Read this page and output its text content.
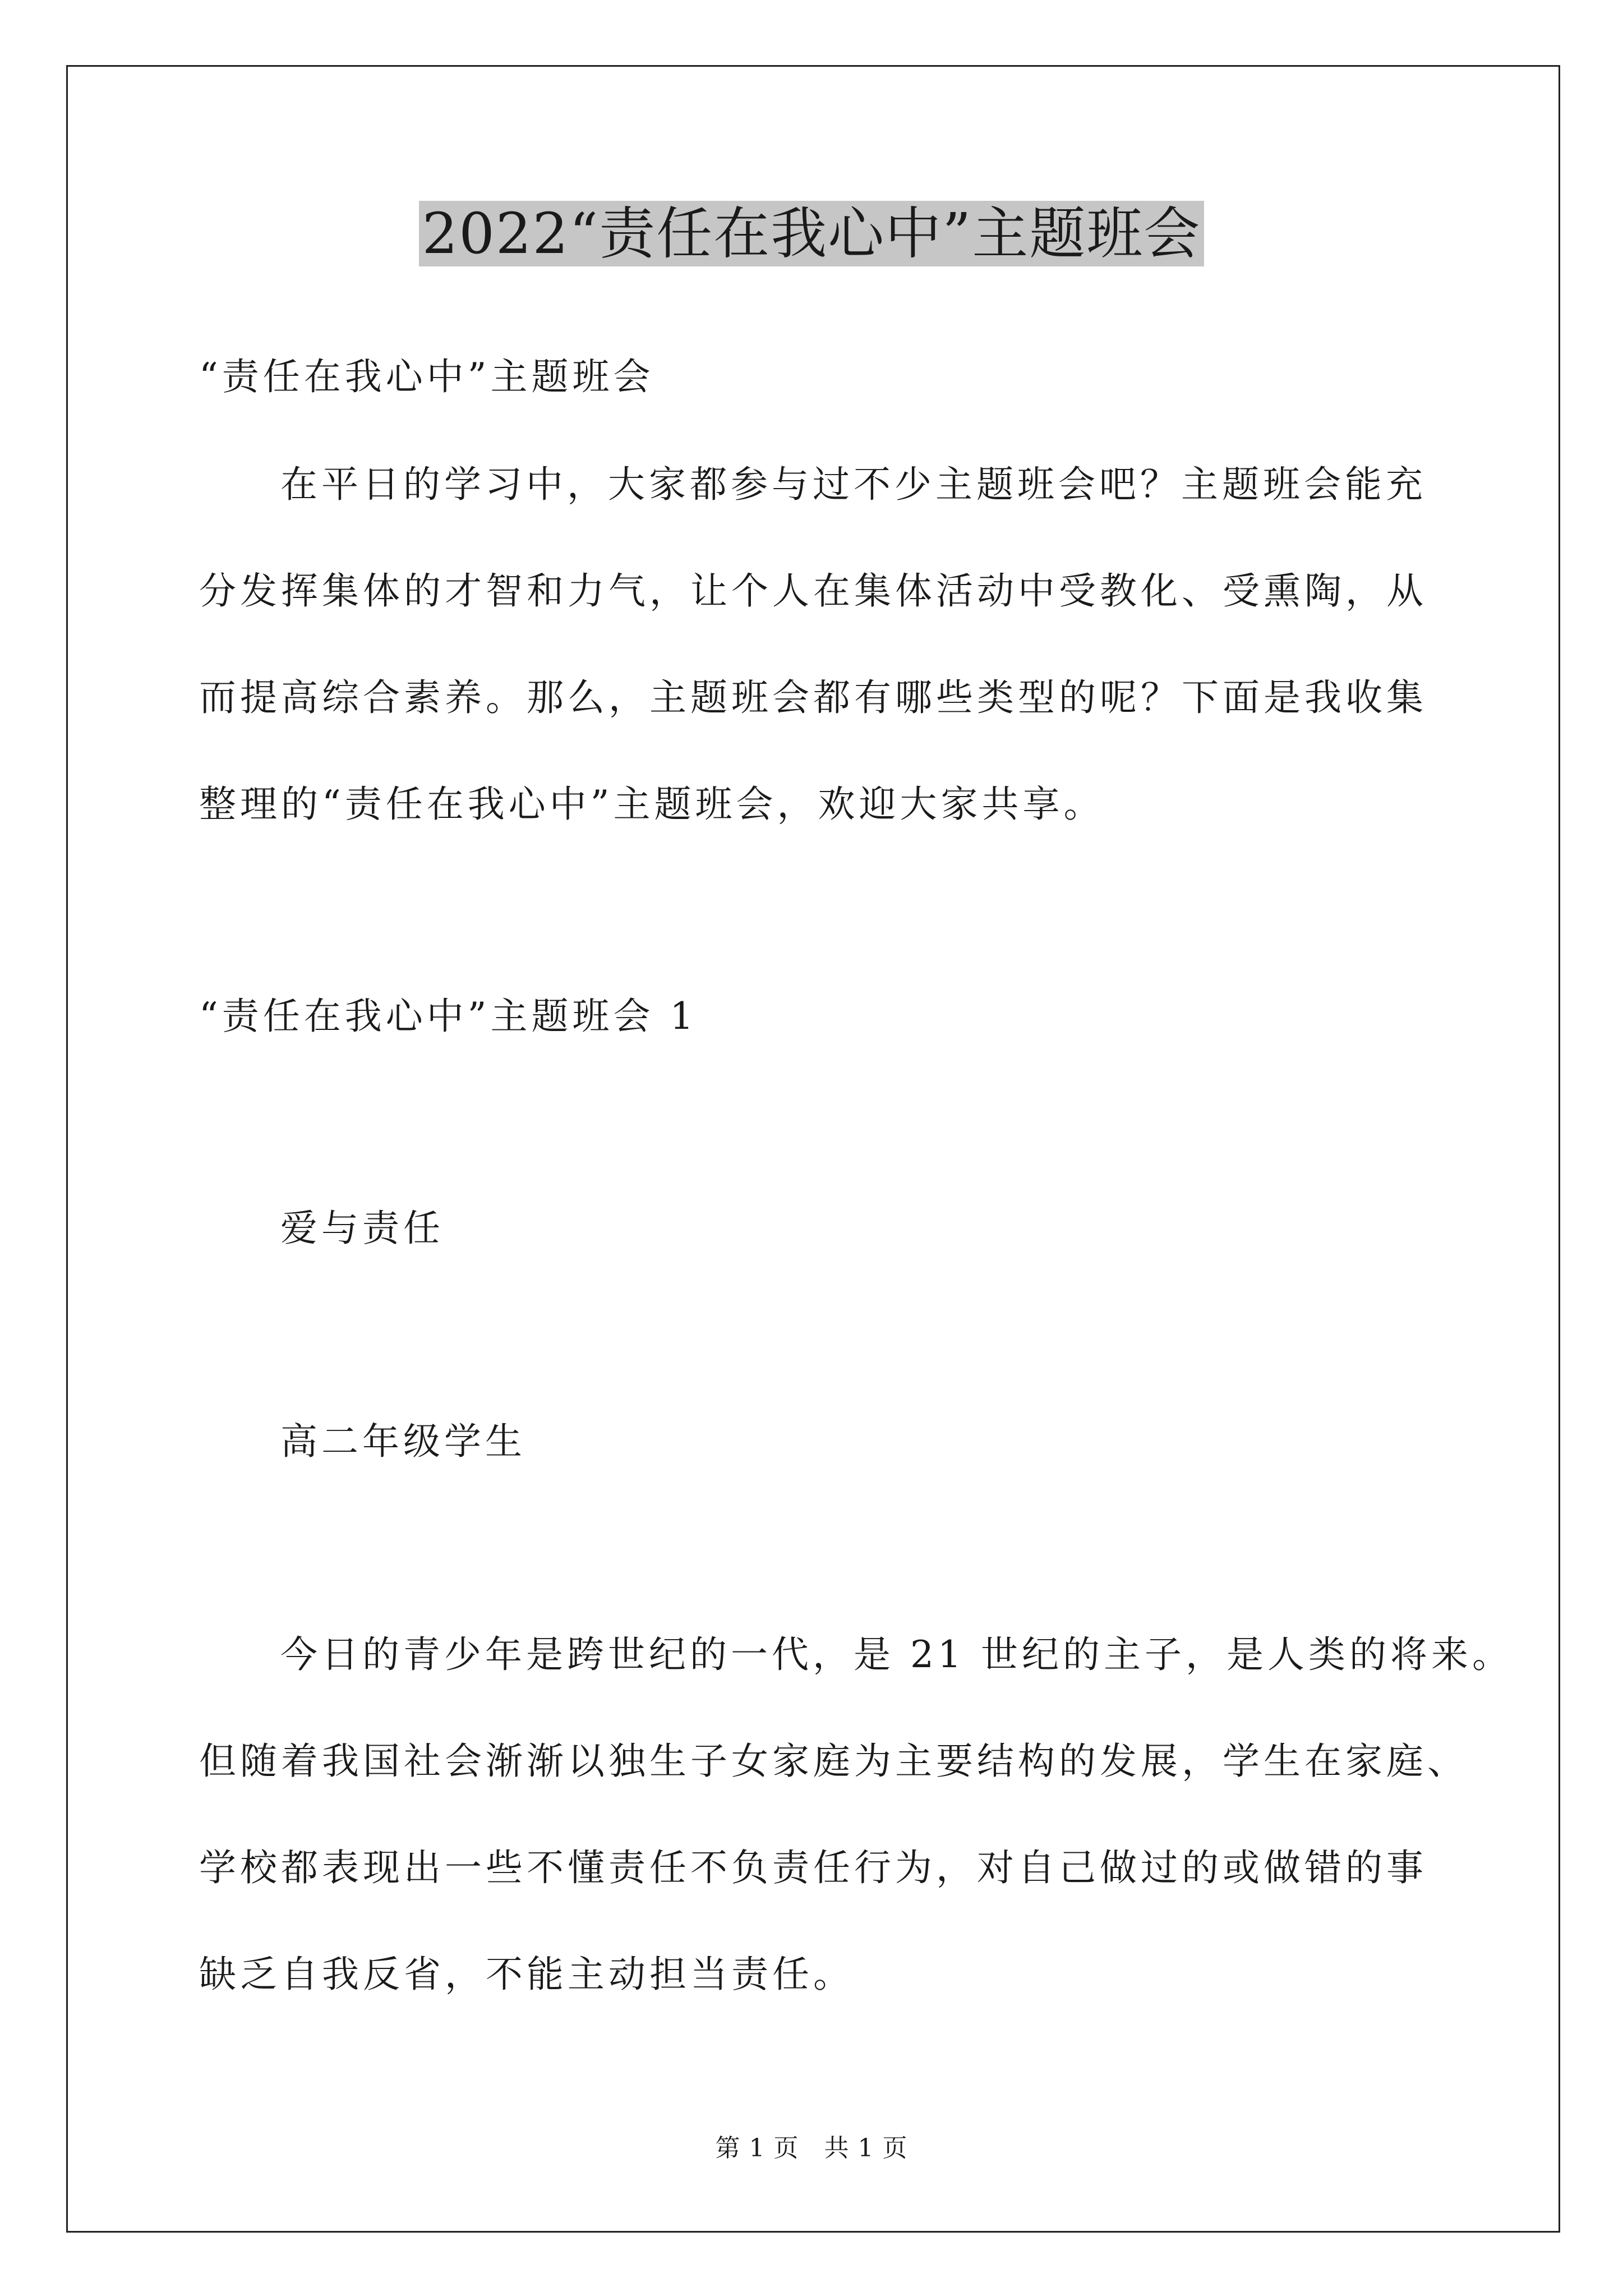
2022“责任在我心中”主题班会
“责任在我心中”主题班会
在平日的学习中，大家都参与过不少主题班会吧？主题班会能充
分发挥集体的才智和力气，让个人在集体活动中受教化、受熏陶，从
而提高综合素养。那么，主题班会都有哪些类型的呢？下面是我收集
整理的“责任在我心中”主题班会，欢迎大家共享。
“责任在我心中”主题班会 1
爱与责任
高二年级学生
今日的青少年是跨世纪的一代，是 21 世纪的主子，是人类的将来。
但随着我国社会渐渐以独生子女家庭为主要结构的发展，学生在家庭、
学校都表现出一些不懂责任不负责任行为，对自己做过的或做错的事
缺乏自我反省，不能主动担当责任。
第 1 页　共 1 页
